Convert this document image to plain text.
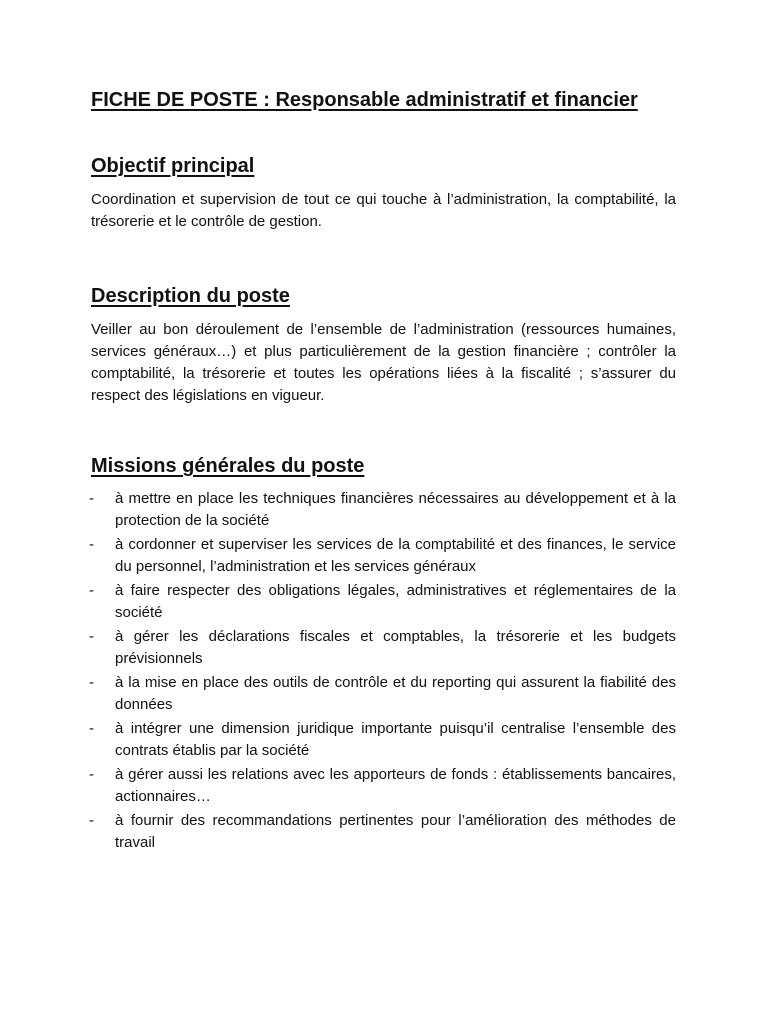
FICHE DE POSTE : Responsable administratif et financier
Objectif principal

Coordination et supervision de tout ce qui touche à l’administration, la comptabilité, la trésorerie et le contrôle de gestion.

Description du poste

Veiller au bon déroulement de l’ensemble de l’administration (ressources humaines, services généraux…) et plus particulièrement de la gestion financière ; contrôler la comptabilité, la trésorerie et toutes les opérations liées à la fiscalité ; s’assurer du respect des législations en vigueur.

Missions générales du poste
-	à mettre en place les techniques financières nécessaires au développement et à la protection de la société
-	à cordonner et superviser les services de la comptabilité et des finances, le service du personnel, l’administration et les services généraux
-	à faire respecter des obligations légales, administratives et réglementaires de la société
-	à gérer les déclarations fiscales et comptables, la trésorerie et les budgets prévisionnels
-	à la mise en place des outils de contrôle et du reporting qui assurent la fiabilité des données
-	à intégrer une dimension juridique importante puisqu’il centralise l’ensemble des contrats établis par la société
-	à gérer aussi les relations avec les apporteurs de fonds : établissements bancaires, actionnaires…
-	à fournir des recommandations pertinentes pour l’amélioration des méthodes de travail
